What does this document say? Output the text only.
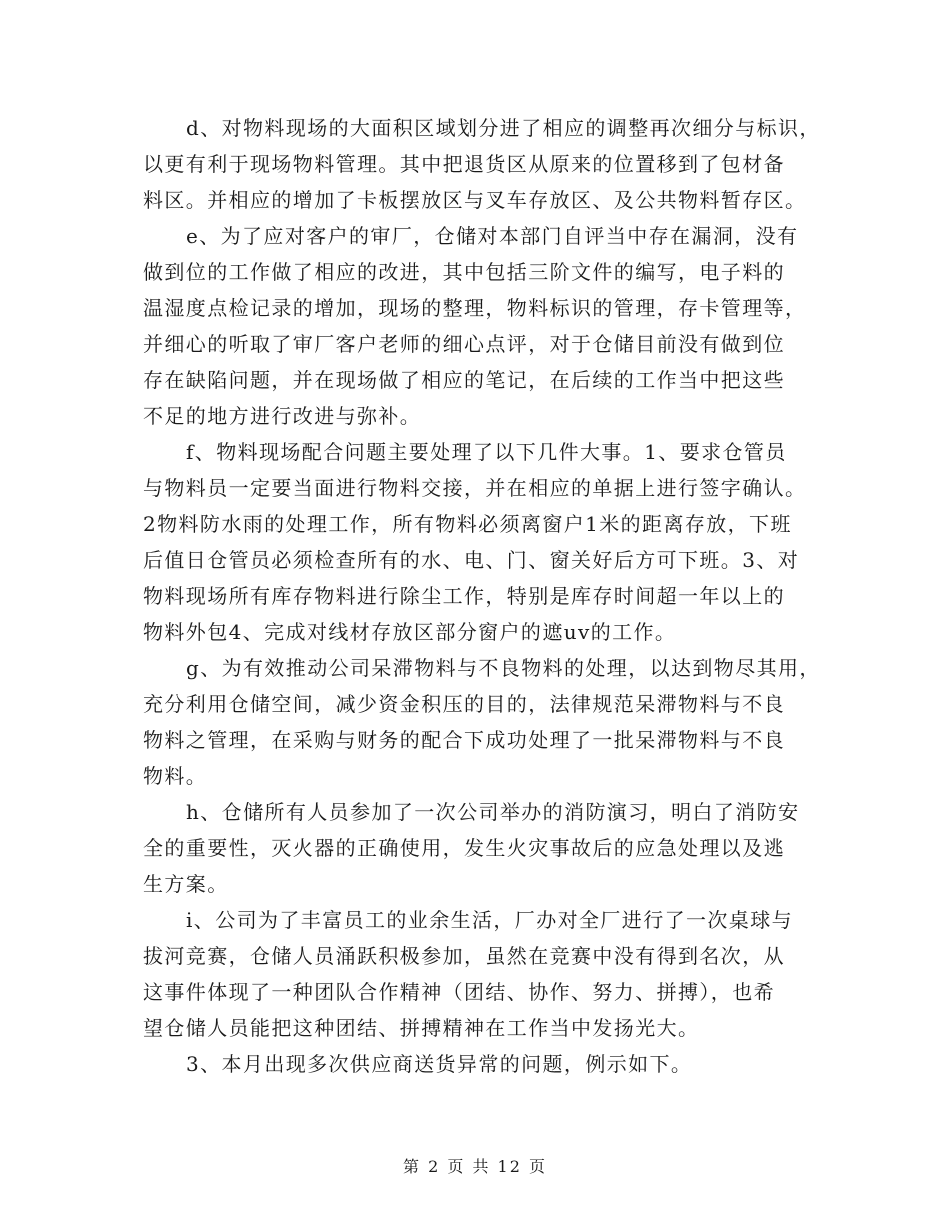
d、对物料现场的大面积区域划分进了相应的调整再次细分与标识，
以更有利于现场物料管理。其中把退货区从原来的位置移到了包材备
料区。并相应的增加了卡板摆放区与叉车存放区、及公共物料暂存区。
e、为了应对客户的审厂，仓储对本部门自评当中存在漏洞，没有
做到位的工作做了相应的改进，其中包括三阶文件的编写，电子料的
温湿度点检记录的增加，现场的整理，物料标识的管理，存卡管理等，
并细心的听取了审厂客户老师的细心点评，对于仓储目前没有做到位
存在缺陷问题，并在现场做了相应的笔记，在后续的工作当中把这些
不足的地方进行改进与弥补。
f、物料现场配合问题主要处理了以下几件大事。1、要求仓管员
与物料员一定要当面进行物料交接，并在相应的单据上进行签字确认。
2物料防水雨的处理工作，所有物料必须离窗户1米的距离存放，下班
后值日仓管员必须检查所有的水、电、门、窗关好后方可下班。3、对
物料现场所有库存物料进行除尘工作，特别是库存时间超一年以上的
物料外包4、完成对线材存放区部分窗户的遮uv的工作。
g、为有效推动公司呆滞物料与不良物料的处理，以达到物尽其用，
充分利用仓储空间，减少资金积压的目的，法律规范呆滞物料与不良
物料之管理，在采购与财务的配合下成功处理了一批呆滞物料与不良
物料。
h、仓储所有人员参加了一次公司举办的消防演习，明白了消防安
全的重要性，灭火器的正确使用，发生火灾事故后的应急处理以及逃
生方案。
i、公司为了丰富员工的业余生活，厂办对全厂进行了一次桌球与
拔河竞赛，仓储人员涌跃积极参加，虽然在竞赛中没有得到名次，从
这事件体现了一种团队合作精神（团结、协作、努力、拼搏），也希
望仓储人员能把这种团结、拼搏精神在工作当中发扬光大。
3、本月出现多次供应商送货异常的问题，例示如下。
第 2 页 共 12 页
